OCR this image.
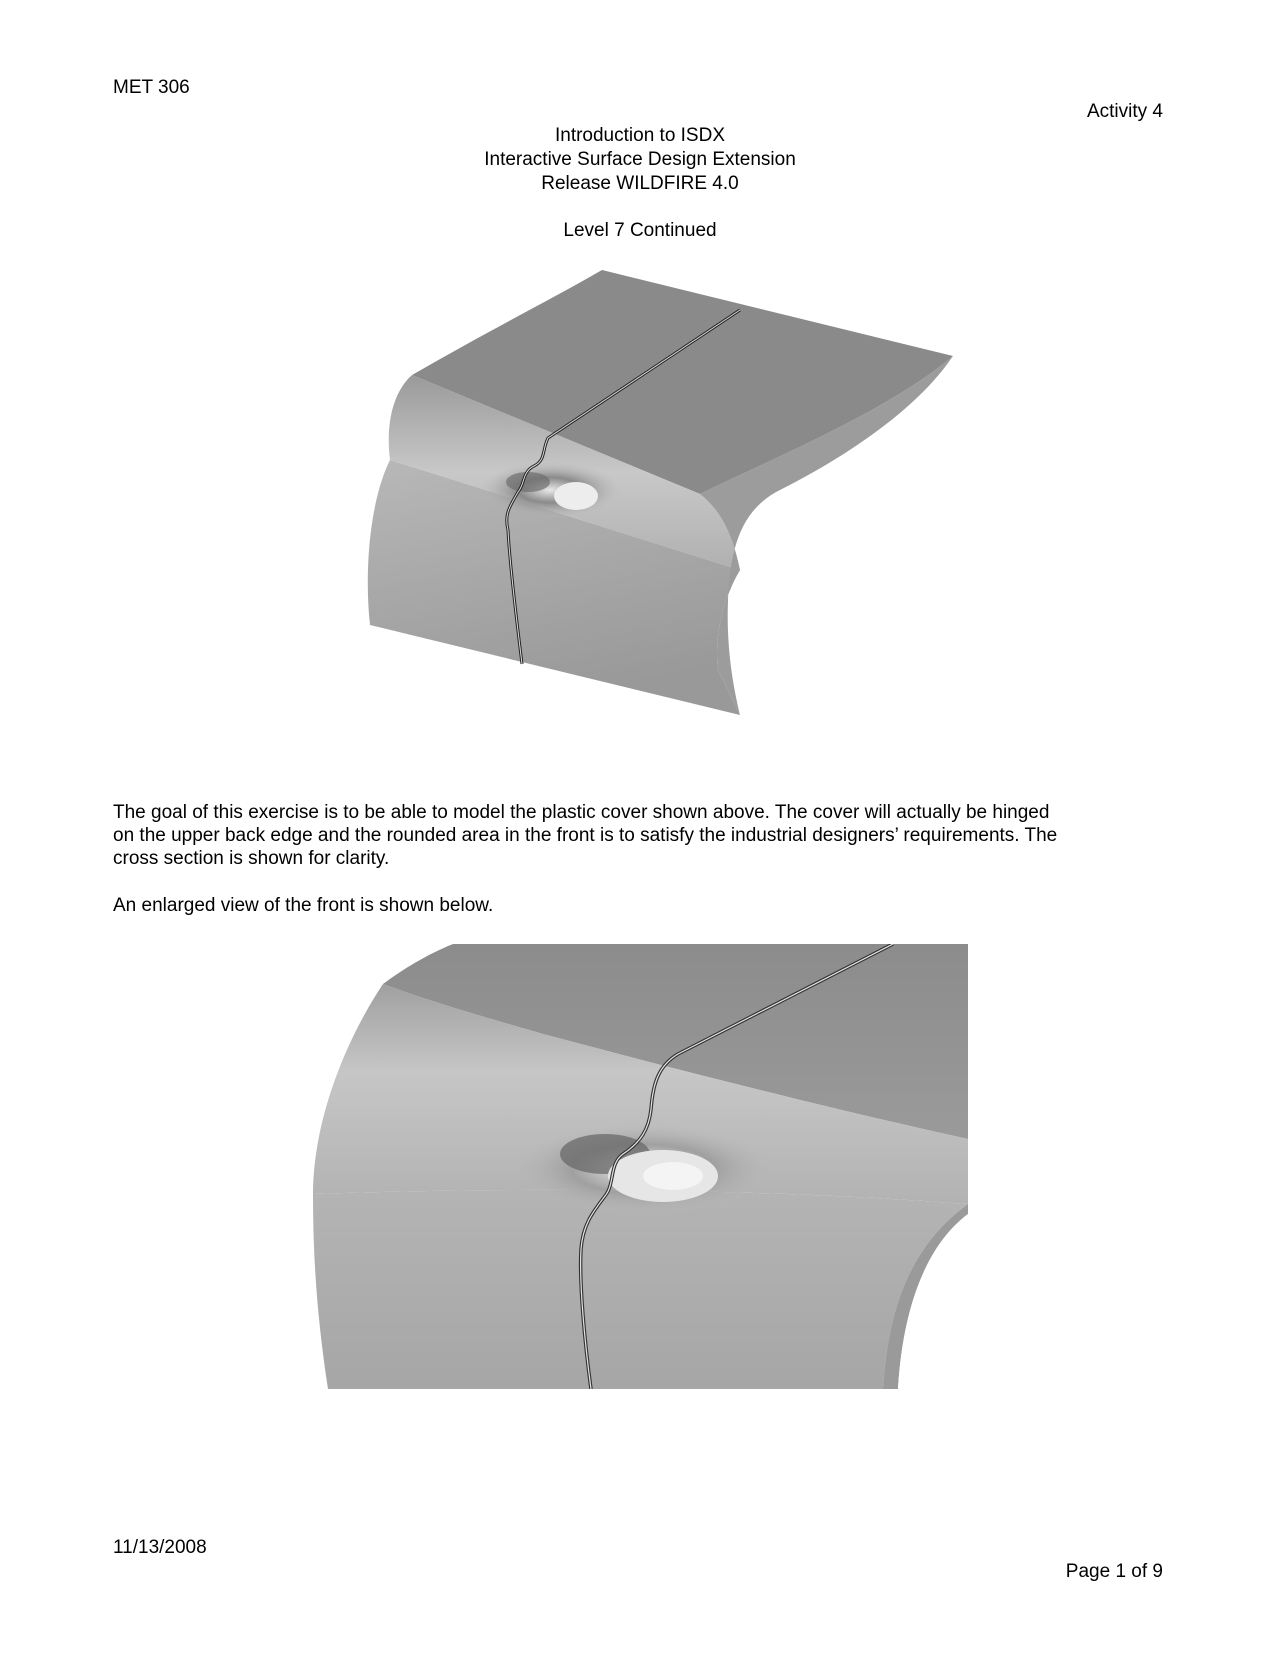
MET 306
Activity 4
Introduction to ISDX
Interactive Surface Design Extension
Release WILDFIRE 4.0
Level 7 Continued
The goal of this exercise is to be able to model the plastic cover shown above. The cover will actually be hinged
on the upper back edge and the rounded area in the front is to satisfy the industrial designers’ requirements. The
cross section is shown for clarity.
An enlarged view of the front is shown below.
11/13/2008
Page 1 of 9
